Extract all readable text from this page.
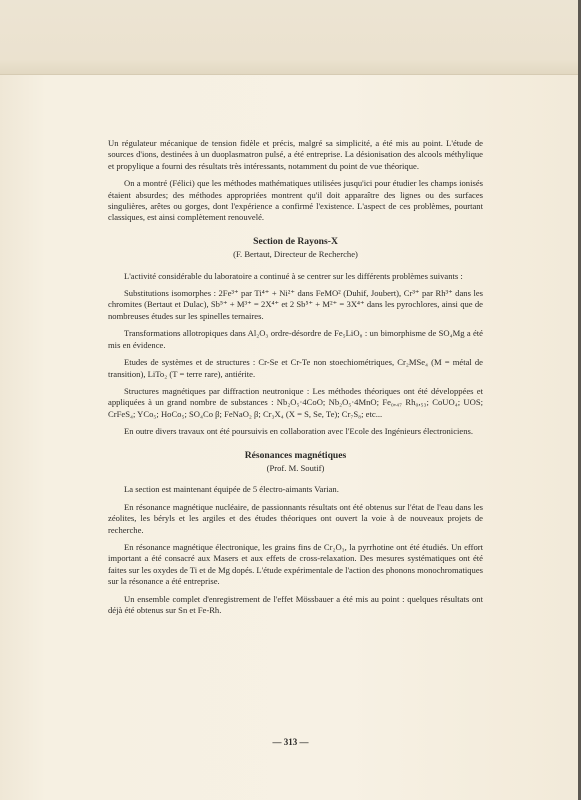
Un régulateur mécanique de tension fidèle et précis, malgré sa simplicité, a été mis au point. L'étude de sources d'ions, destinées à un duoplasmatron pulsé, a été entreprise. La désionisation des alcools méthylique et propylique a fourni des résultats très intéressants, notamment du point de vue théorique.

On a montré (Félici) que les méthodes mathématiques utilisées jusqu'ici pour étudier les champs ionisés étaient absurdes; des méthodes appropriées montrent qu'il doit apparaître des lignes ou des surfaces singulières, arêtes ou gorges, dont l'expérience a confirmé l'existence. L'aspect de ces problèmes, pourtant classiques, est ainsi complètement renouvelé.

Section de Rayons-X
(F. Bertaut, Directeur de Recherche)

L'activité considérable du laboratoire a continué à se centrer sur les différents problèmes suivants :

Substitutions isomorphes : 2Fe³⁺ par Ti⁴⁺ + Ni²⁺ dans FeMO² (Duhif, Joubert), Cr³⁺ par Rh³⁺ dans les chromites (Bertaut et Dulac), Sb⁵⁺ + M³⁺ = 2X⁴⁺ et 2 Sb⁵⁺ + M²⁺ = 3X⁴⁺ dans les pyrochlores, ainsi que de nombreuses études sur les spinelles ternaires.

Transformations allotropiques dans Al₂O₃ ordre-désordre de Fe₅LiO₈ : un bimorphisme de SO₄Mg a été mis en évidence.

Etudes de systèmes et de structures : Cr-Se et Cr-Te non stoechiométriques, Cr₂MSe₄ (M = métal de transition), LiTo₂ (T = terre rare), antiérite.

Structures magnétiques par diffraction neutronique : Les méthodes théoriques ont été développées et appliquées à un grand nombre de substances : Nb₂O₅·4CoO; Nb₂O₅·4MnO; Fe₀,₄₇ Rh₀,₅₃; CoUO₄; UOS; CrFeS₄; YCo₅; HoCo₅; SO₄Co β; FeNaO₂ β; Cr₃X₄ (X = S, Se, Te); Cr₇S₈; etc...

En outre divers travaux ont été poursuivis en collaboration avec l'Ecole des Ingénieurs électroniciens.

Résonances magnétiques
(Prof. M. Soutif)

La section est maintenant équipée de 5 électro-aimants Varian.

En résonance magnétique nucléaire, de passionnants résultats ont été obtenus sur l'état de l'eau dans les zéolites, les béryls et les argiles et des études théoriques ont ouvert la voie à de nouveaux projets de recherche.

En résonance magnétique électronique, les grains fins de Cr₂O₃, la pyrrhotine ont été étudiés. Un effort important a été consacré aux Masers et aux effets de cross-relaxation. Des mesures systématiques ont été faites sur les oxydes de Ti et de Mg dopés. L'étude expérimentale de l'action des phonons monochromatiques sur la résonance a été entreprise.

Un ensemble complet d'enregistrement de l'effet Mössbauer a été mis au point : quelques résultats ont déjà été obtenus sur Sn et Fe-Rh.

— 313 —
